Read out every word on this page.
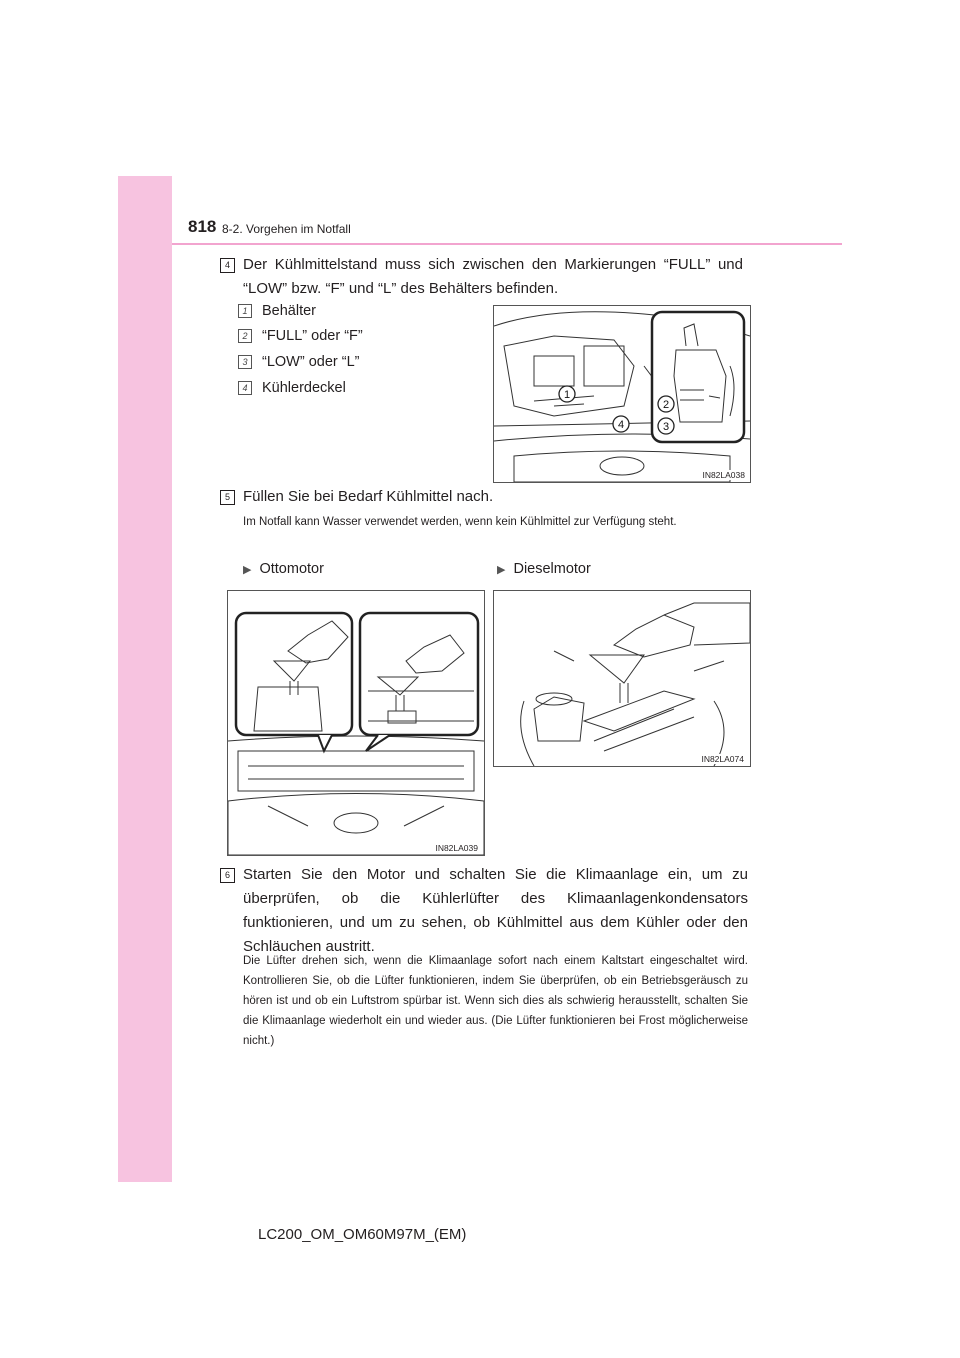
818 8-2. Vorgehen im Notfall
4 Der Kühlmittelstand muss sich zwischen den Markierungen “FULL” und “LOW” bzw. “F” und “L” des Behälters befinden.
1	Behälter
2	“FULL” oder “F”
3	“LOW” oder “L”
4	Kühlerdeckel	1
4
2
3
IN82LA038
5 Füllen Sie bei Bedarf Kühlmittel nach.
Im Notfall kann Wasser verwendet werden, wenn kein Kühlmittel zur Verfügung steht.
▶ Ottomotor	▶ Dieselmotor
IN82LA039
IN82LA074
6 Starten Sie den Motor und schalten Sie die Klimaanlage ein, um zu überprüfen, ob die Kühlerlüfter des Klimaanlagenkondensators funktionieren, und um zu sehen, ob Kühlmittel aus dem Kühler oder den Schläuchen austritt.
Die Lüfter drehen sich, wenn die Klimaanlage sofort nach einem Kaltstart eingeschaltet wird. Kontrollieren Sie, ob die Lüfter funktionieren, indem Sie überprüfen, ob ein Betriebsgeräusch zu hören ist und ob ein Luftstrom spürbar ist. Wenn sich dies als schwierig herausstellt, schalten Sie die Klimaanlage wiederholt ein und wieder aus. (Die Lüfter funktionieren bei Frost möglicherweise nicht.)
LC200_OM_OM60M97M_(EM)
